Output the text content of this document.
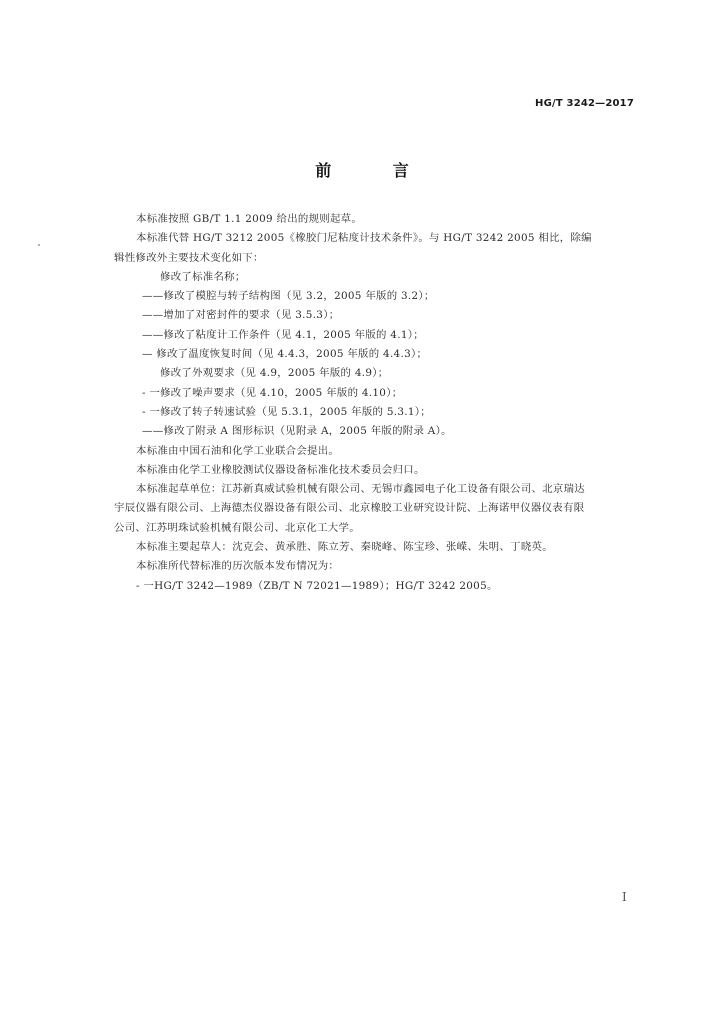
HG/T 3242—2017
前 言
本标准按照 GB/T 1.1 2009 给出的规则起草。
本标准代替 HG/T 3212 2005《橡胶门尼粘度计技术条件》。与 HG/T 3242 2005 相比，除编
辑性修改外主要技术变化如下：
修改了标准名称；
——修改了模腔与转子结构图（见 3.2，2005 年版的 3.2）；
——增加了对密封件的要求（见 3.5.3）；
——修改了粘度计工作条件（见 4.1，2005 年版的 4.1）；
— 修改了温度恢复时间（见 4.4.3，2005 年版的 4.4.3）；
修改了外观要求（见 4.9，2005 年版的 4.9）；
- 一修改了噪声要求（见 4.10，2005 年版的 4.10）；
- 一修改了转子转速试验（见 5.3.1，2005 年版的 5.3.1）；
——修改了附录 A 图形标识（见附录 A，2005 年版的附录 A）。
本标准由中国石油和化学工业联合会提出。
本标准由化学工业橡胶测试仪器设备标准化技术委员会归口。
本标准起草单位：江苏新真威试验机械有限公司、无锡市鑫园电子化工设备有限公司、北京瑞达
宇辰仪器有限公司、上海德杰仪器设备有限公司、北京橡胶工业研究设计院、上海诺甲仪器仪表有限
公司、江苏明珠试验机械有限公司、北京化工大学。
本标准主要起草人：沈克会、黄承胜、陈立芳、秦晓峰、陈宝珍、张嵘、朱明、丁晓英。
本标准所代替标准的历次版本发布情况为：
- 一HG/T 3242—1989（ZB/T N 72021—1989）；HG/T 3242 2005。
I
